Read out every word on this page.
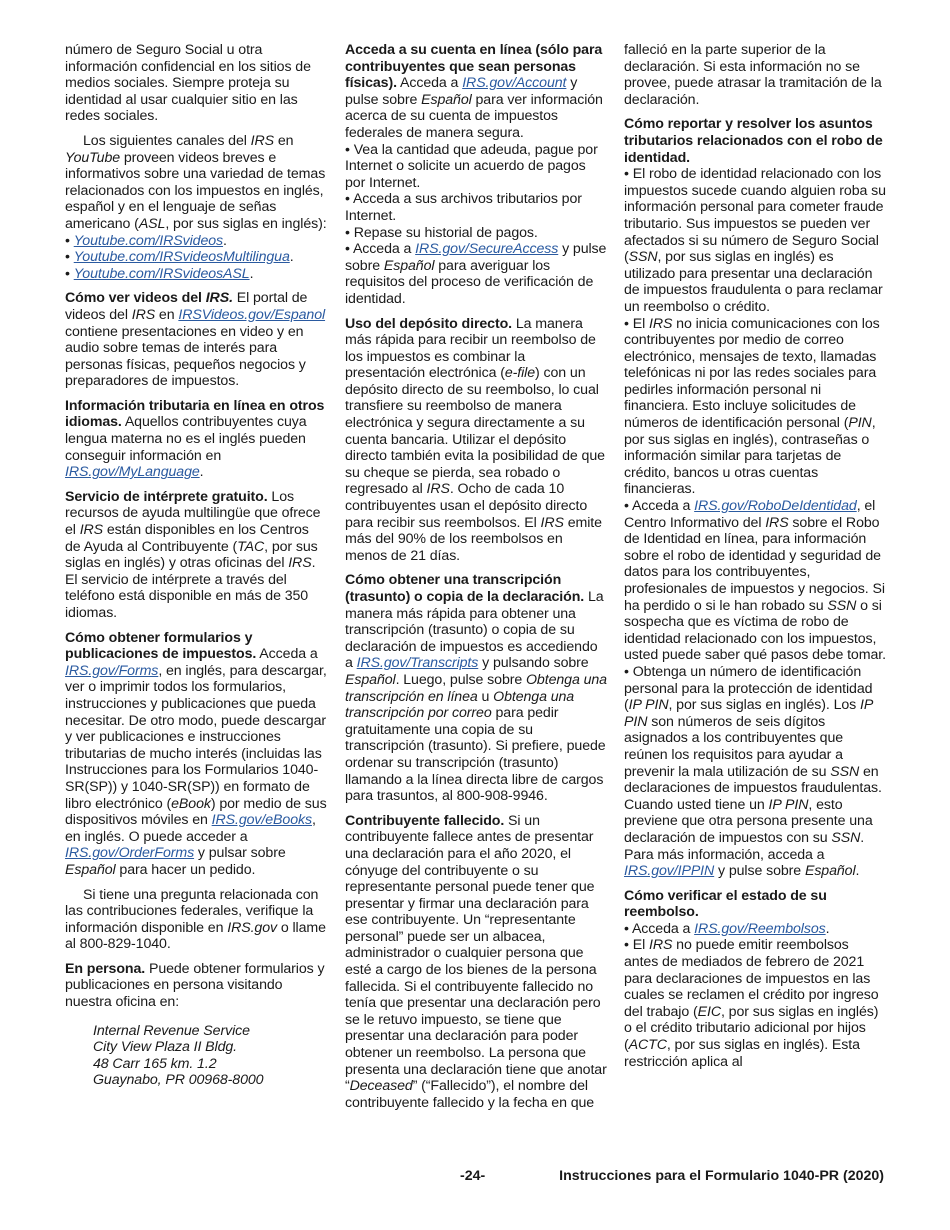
número de Seguro Social u otra información confidencial en los sitios de medios sociales. Siempre proteja su identidad al usar cualquier sitio en las redes sociales.

Los siguientes canales del IRS en YouTube proveen videos breves e informativos sobre una variedad de temas relacionados con los impuestos en inglés, español y en el lenguaje de señas americano (ASL, por sus siglas en inglés):

• Youtube.com/IRSvideos.
• Youtube.com/IRSvideosMultilingua.
• Youtube.com/IRSvideosASL.

Cómo ver videos del IRS. El portal de videos del IRS en IRSVideos.gov/Espanol contiene presentaciones en video y en audio sobre temas de interés para personas físicas, pequeños negocios y preparadores de impuestos.

Información tributaria en línea en otros idiomas. Aquellos contribuyentes cuya lengua materna no es el inglés pueden conseguir información en IRS.gov/MyLanguage.

Servicio de intérprete gratuito. Los recursos de ayuda multilingüe que ofrece el IRS están disponibles en los Centros de Ayuda al Contribuyente (TAC, por sus siglas en inglés) y otras oficinas del IRS. El servicio de intérprete a través del teléfono está disponible en más de 350 idiomas.

Cómo obtener formularios y publicaciones de impuestos. Acceda a IRS.gov/Forms, en inglés, para descargar, ver o imprimir todos los formularios, instrucciones y publicaciones que pueda necesitar. De otro modo, puede descargar y ver publicaciones e instrucciones tributarias de mucho interés (incluidas las Instrucciones para los Formularios 1040-SR(SP)) y 1040-SR(SP)) en formato de libro electrónico (eBook) por medio de sus dispositivos móviles en IRS.gov/eBooks, en inglés. O puede acceder a IRS.gov/OrderForms y pulsar sobre Español para hacer un pedido.

Si tiene una pregunta relacionada con las contribuciones federales, verifique la información disponible en IRS.gov o llame al 800-829-1040.

En persona. Puede obtener formularios y publicaciones en persona visitando nuestra oficina en:

Internal Revenue Service
City View Plaza II Bldg.
48 Carr 165 km. 1.2
Guaynabo, PR 00968-8000

Acceda a su cuenta en línea (sólo para contribuyentes que sean personas físicas). Acceda a IRS.gov/Account y pulse sobre Español para ver información acerca de su cuenta de impuestos federales de manera segura.

• Vea la cantidad que adeuda, pague por Internet o solicite un acuerdo de pagos por Internet.
• Acceda a sus archivos tributarios por Internet.
• Repase su historial de pagos.
• Acceda a IRS.gov/SecureAccess y pulse sobre Español para averiguar los requisitos del proceso de verificación de identidad.

Uso del depósito directo. La manera más rápida para recibir un reembolso de los impuestos es combinar la presentación electrónica (e-file) con un depósito directo de su reembolso, lo cual transfiere su reembolso de manera electrónica y segura directamente a su cuenta bancaria. Utilizar el depósito directo también evita la posibilidad de que su cheque se pierda, sea robado o regresado al IRS. Ocho de cada 10 contribuyentes usan el depósito directo para recibir sus reembolsos. El IRS emite más del 90% de los reembolsos en menos de 21 días.

Cómo obtener una transcripción (trasunto) o copia de la declaración. La manera más rápida para obtener una transcripción (trasunto) o copia de su declaración de impuestos es accediendo a IRS.gov/Transcripts y pulsando sobre Español. Luego, pulse sobre Obtenga una transcripción en línea u Obtenga una transcripción por correo para pedir gratuitamente una copia de su transcripción (trasunto). Si prefiere, puede ordenar su transcripción (trasunto) llamando a la línea directa libre de cargos para trasuntos, al 800-908-9946.

Contribuyente fallecido. Si un contribuyente fallece antes de presentar una declaración para el año 2020, el cónyuge del contribuyente o su representante personal puede tener que presentar y firmar una declaración para ese contribuyente. Un “representante personal” puede ser un albacea, administrador o cualquier persona que esté a cargo de los bienes de la persona fallecida. Si el contribuyente fallecido no tenía que presentar una declaración pero se le retuvo impuesto, se tiene que presentar una declaración para poder obtener un reembolso. La persona que presenta una declaración tiene que anotar “Deceased” (“Fallecido”), el nombre del contribuyente fallecido y la fecha en que

falleció en la parte superior de la declaración. Si esta información no se provee, puede atrasar la tramitación de la declaración.

Cómo reportar y resolver los asuntos tributarios relacionados con el robo de identidad.

• El robo de identidad relacionado con los impuestos sucede cuando alguien roba su información personal para cometer fraude tributario. Sus impuestos se pueden ver afectados si su número de Seguro Social (SSN, por sus siglas en inglés) es utilizado para presentar una declaración de impuestos fraudulenta o para reclamar un reembolso o crédito.
• El IRS no inicia comunicaciones con los contribuyentes por medio de correo electrónico, mensajes de texto, llamadas telefónicas ni por las redes sociales para pedirles información personal ni financiera. Esto incluye solicitudes de números de identificación personal (PIN, por sus siglas en inglés), contraseñas o información similar para tarjetas de crédito, bancos u otras cuentas financieras.
• Acceda a IRS.gov/RoboDeIdentidad, el Centro Informativo del IRS sobre el Robo de Identidad en línea, para información sobre el robo de identidad y seguridad de datos para los contribuyentes, profesionales de impuestos y negocios. Si ha perdido o si le han robado su SSN o si sospecha que es víctima de robo de identidad relacionado con los impuestos, usted puede saber qué pasos debe tomar.
• Obtenga un número de identificación personal para la protección de identidad (IP PIN, por sus siglas en inglés). Los IP PIN son números de seis dígitos asignados a los contribuyentes que reúnen los requisitos para ayudar a prevenir la mala utilización de su SSN en declaraciones de impuestos fraudulentas. Cuando usted tiene un IP PIN, esto previene que otra persona presente una declaración de impuestos con su SSN. Para más información, acceda a IRS.gov/IPPIN y pulse sobre Español.

Cómo verificar el estado de su reembolso.

• Acceda a IRS.gov/Reembolsos.
• El IRS no puede emitir reembolsos antes de mediados de febrero de 2021 para declaraciones de impuestos en las cuales se reclamen el crédito por ingreso del trabajo (EIC, por sus siglas en inglés) o el crédito tributario adicional por hijos (ACTC, por sus siglas en inglés). Esta restricción aplica al
-24-	Instrucciones para el Formulario 1040-PR (2020)
